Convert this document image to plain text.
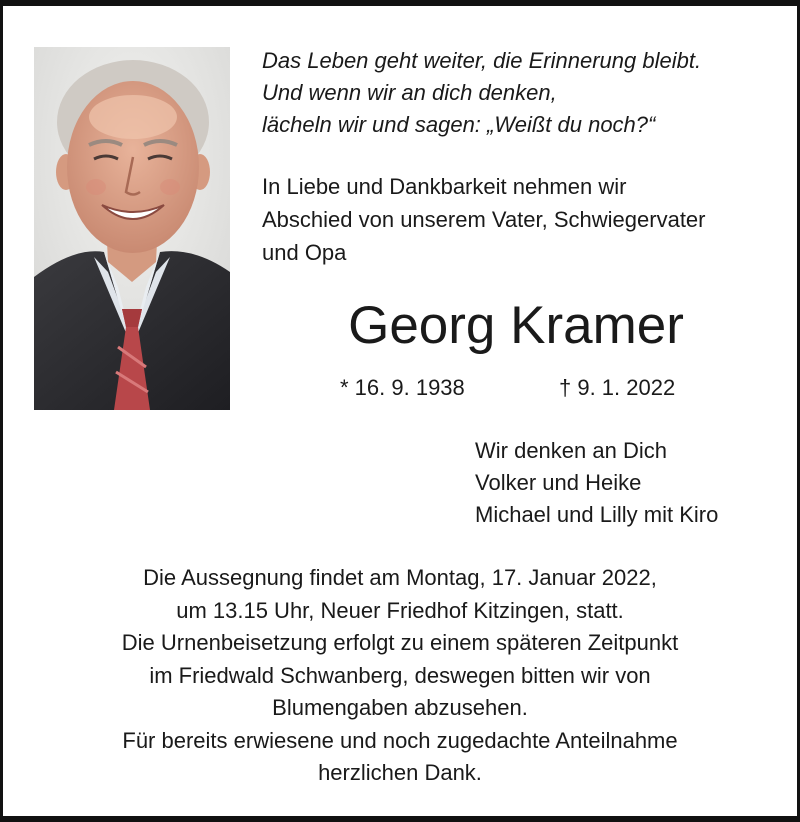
Das Leben geht weiter, die Erinnerung bleibt.
Und wenn wir an dich denken,
lächeln wir und sagen: „Weißt du noch?“
In Liebe und Dankbarkeit nehmen wir
Abschied von unserem Vater, Schwiegervater
und Opa
Georg Kramer
* 16. 9. 1938	† 9. 1. 2022
Wir denken an Dich
Volker und Heike
Michael und Lilly mit Kiro
Die Aussegnung findet am Montag, 17. Januar 2022,
um 13.15 Uhr, Neuer Friedhof Kitzingen, statt.
Die Urnenbeisetzung erfolgt zu einem späteren Zeitpunkt
im Friedwald Schwanberg, deswegen bitten wir von
Blumengaben abzusehen.
Für bereits erwiesene und noch zugedachte Anteilnahme
herzlichen Dank.
